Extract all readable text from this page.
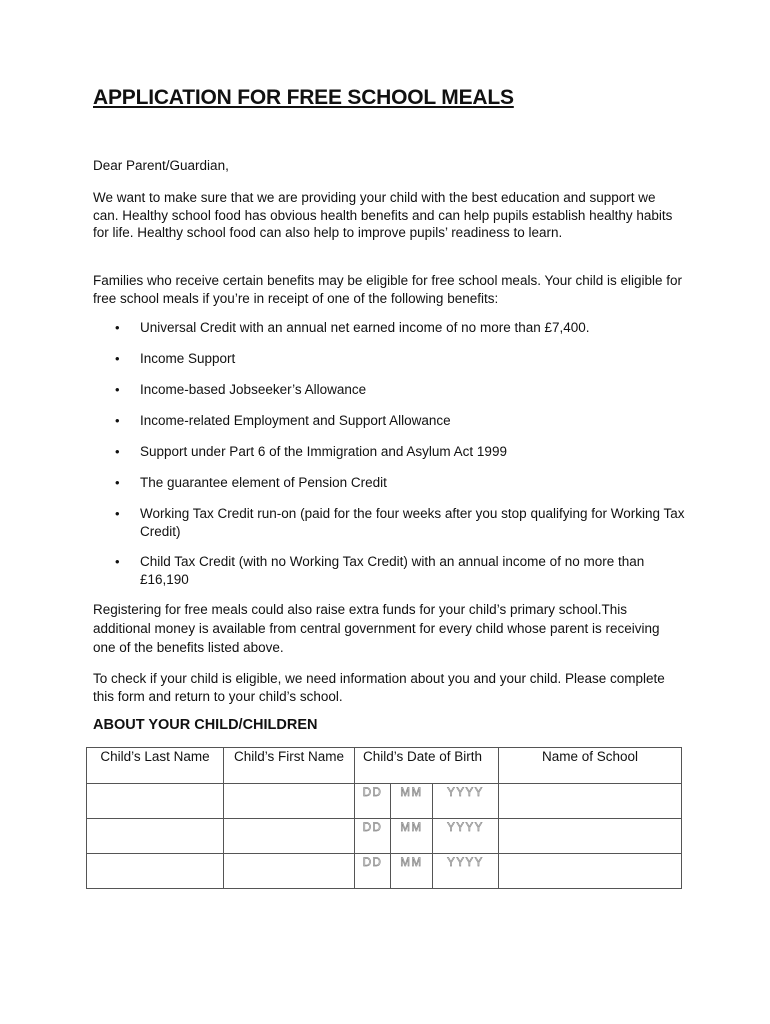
APPLICATION FOR FREE SCHOOL MEALS

Dear Parent/Guardian,

We want to make sure that we are providing your child with the best education and support we can. Healthy school food has obvious health benefits and can help pupils establish healthy habits for life. Healthy school food can also help to improve pupils’ readiness to learn.

Families who receive certain benefits may be eligible for free school meals. Your child is eligible for free school meals if you’re in receipt of one of the following benefits:

• Universal Credit with an annual net earned income of no more than £7,400.
• Income Support
• Income-based Jobseeker’s Allowance
• Income-related Employment and Support Allowance
• Support under Part 6 of the Immigration and Asylum Act 1999
• The guarantee element of Pension Credit
• Working Tax Credit run-on (paid for the four weeks after you stop qualifying for Working Tax Credit)
• Child Tax Credit (with no Working Tax Credit) with an annual income of no more than £16,190

Registering for free meals could also raise extra funds for your child’s primary school.This additional money is available from central government for every child whose parent is receiving one of the benefits listed above.

To check if your child is eligible, we need information about you and your child. Please complete this form and return to your child’s school.

ABOUT YOUR CHILD/CHILDREN
Child’s Last Name	Child’s First Name	Child’s Date of Birth	Name of School

		DD MM YYYY	

		DD MM YYYY	

		DD MM YYYY	
